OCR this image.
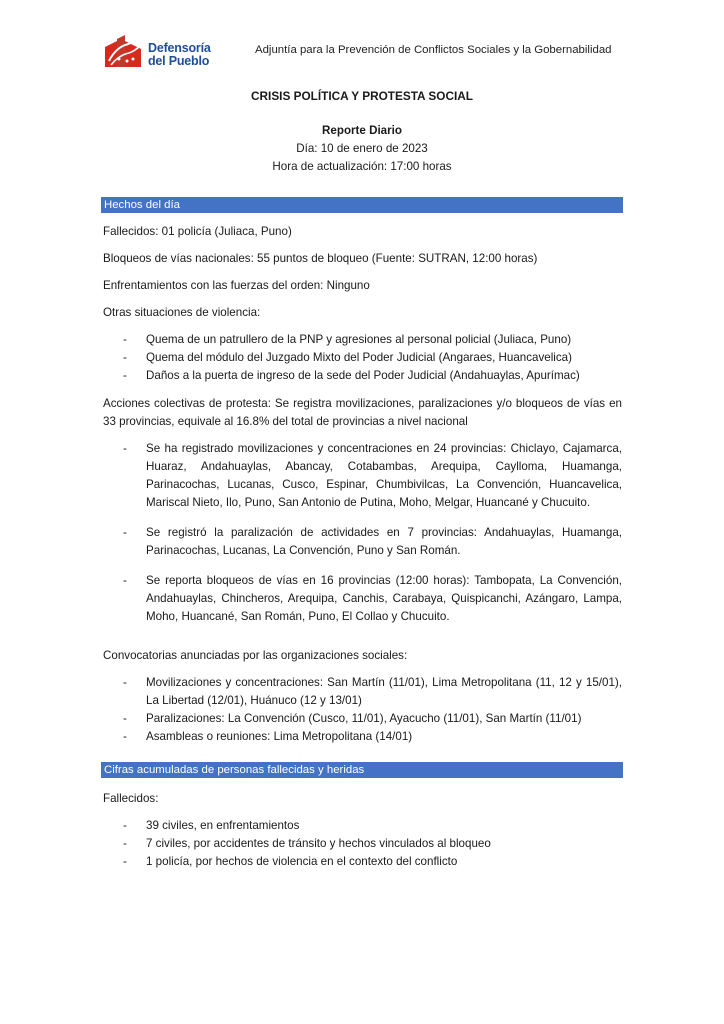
Defensoría
del Pueblo
Adjuntía para la Prevención de Conflictos Sociales y la Gobernabilidad
CRISIS POLÍTICA Y PROTESTA SOCIAL
Reporte Diario
Día: 10 de enero de 2023
Hora de actualización: 17:00 horas
Hechos del día
Fallecidos: 01 policía (Juliaca, Puno)
Bloqueos de vías nacionales: 55 puntos de bloqueo (Fuente: SUTRAN, 12:00 horas)
Enfrentamientos con las fuerzas del orden: Ninguno
Otras situaciones de violencia:
- Quema de un patrullero de la PNP y agresiones al personal policial (Juliaca, Puno)
- Quema del módulo del Juzgado Mixto del Poder Judicial (Angaraes, Huancavelica)
- Daños a la puerta de ingreso de la sede del Poder Judicial (Andahuaylas, Apurímac)
Acciones colectivas de protesta: Se registra movilizaciones, paralizaciones y/o bloqueos de vías en 33 provincias, equivale al 16.8% del total de provincias a nivel nacional
- Se ha registrado movilizaciones y concentraciones en 24 provincias: Chiclayo, Cajamarca, Huaraz, Andahuaylas, Abancay, Cotabambas, Arequipa, Caylloma, Huamanga, Parinacochas, Lucanas, Cusco, Espinar, Chumbivilcas, La Convención, Huancavelica, Mariscal Nieto, Ilo, Puno, San Antonio de Putina, Moho, Melgar, Huancané y Chucuito.
- Se registró la paralización de actividades en 7 provincias: Andahuaylas, Huamanga, Parinacochas, Lucanas, La Convención, Puno y San Román.
- Se reporta bloqueos de vías en 16 provincias (12:00 horas): Tambopata, La Convención, Andahuaylas, Chincheros, Arequipa, Canchis, Carabaya, Quispicanchi, Azángaro, Lampa, Moho, Huancané, San Román, Puno, El Collao y Chucuito.
Convocatorias anunciadas por las organizaciones sociales:
- Movilizaciones y concentraciones: San Martín (11/01), Lima Metropolitana (11, 12 y 15/01), La Libertad (12/01), Huánuco (12 y 13/01)
- Paralizaciones: La Convención (Cusco, 11/01), Ayacucho (11/01), San Martín (11/01)
- Asambleas o reuniones: Lima Metropolitana (14/01)
Cifras acumuladas de personas fallecidas y heridas
Fallecidos:
- 39 civiles, en enfrentamientos
- 7 civiles, por accidentes de tránsito y hechos vinculados al bloqueo
- 1 policía, por hechos de violencia en el contexto del conflicto
